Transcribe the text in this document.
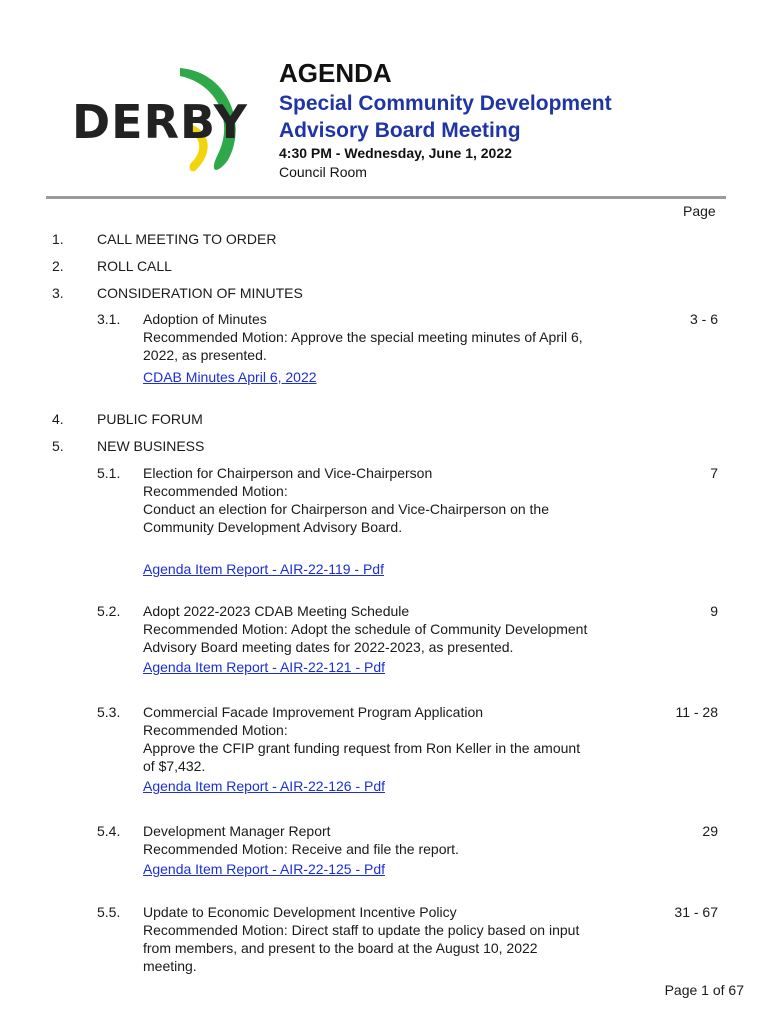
DERBY
AGENDA
Special Community Development Advisory Board Meeting
4:30 PM - Wednesday, June 1, 2022
Council Room
Page
1. CALL MEETING TO ORDER
2. ROLL CALL
3. CONSIDERATION OF MINUTES
3.1. Adoption of Minutes
Recommended Motion: Approve the special meeting minutes of April 6,
2022, as presented.
CDAB Minutes April 6, 2022
3 - 6
4. PUBLIC FORUM
5. NEW BUSINESS
5.1. Election for Chairperson and Vice-Chairperson
Recommended Motion:
Conduct an election for Chairperson and Vice-Chairperson on the
Community Development Advisory Board.
Agenda Item Report - AIR-22-119 - Pdf
7
5.2. Adopt 2022-2023 CDAB Meeting Schedule
Recommended Motion: Adopt the schedule of Community Development
Advisory Board meeting dates for 2022-2023, as presented.
Agenda Item Report - AIR-22-121 - Pdf
9
5.3. Commercial Facade Improvement Program Application
Recommended Motion:
Approve the CFIP grant funding request from Ron Keller in the amount
of $7,432.
Agenda Item Report - AIR-22-126 - Pdf
11 - 28
5.4. Development Manager Report
Recommended Motion: Receive and file the report.
Agenda Item Report - AIR-22-125 - Pdf
29
5.5. Update to Economic Development Incentive Policy
Recommended Motion: Direct staff to update the policy based on input
from members, and present to the board at the August 10, 2022
meeting.
31 - 67
Page 1 of 67
